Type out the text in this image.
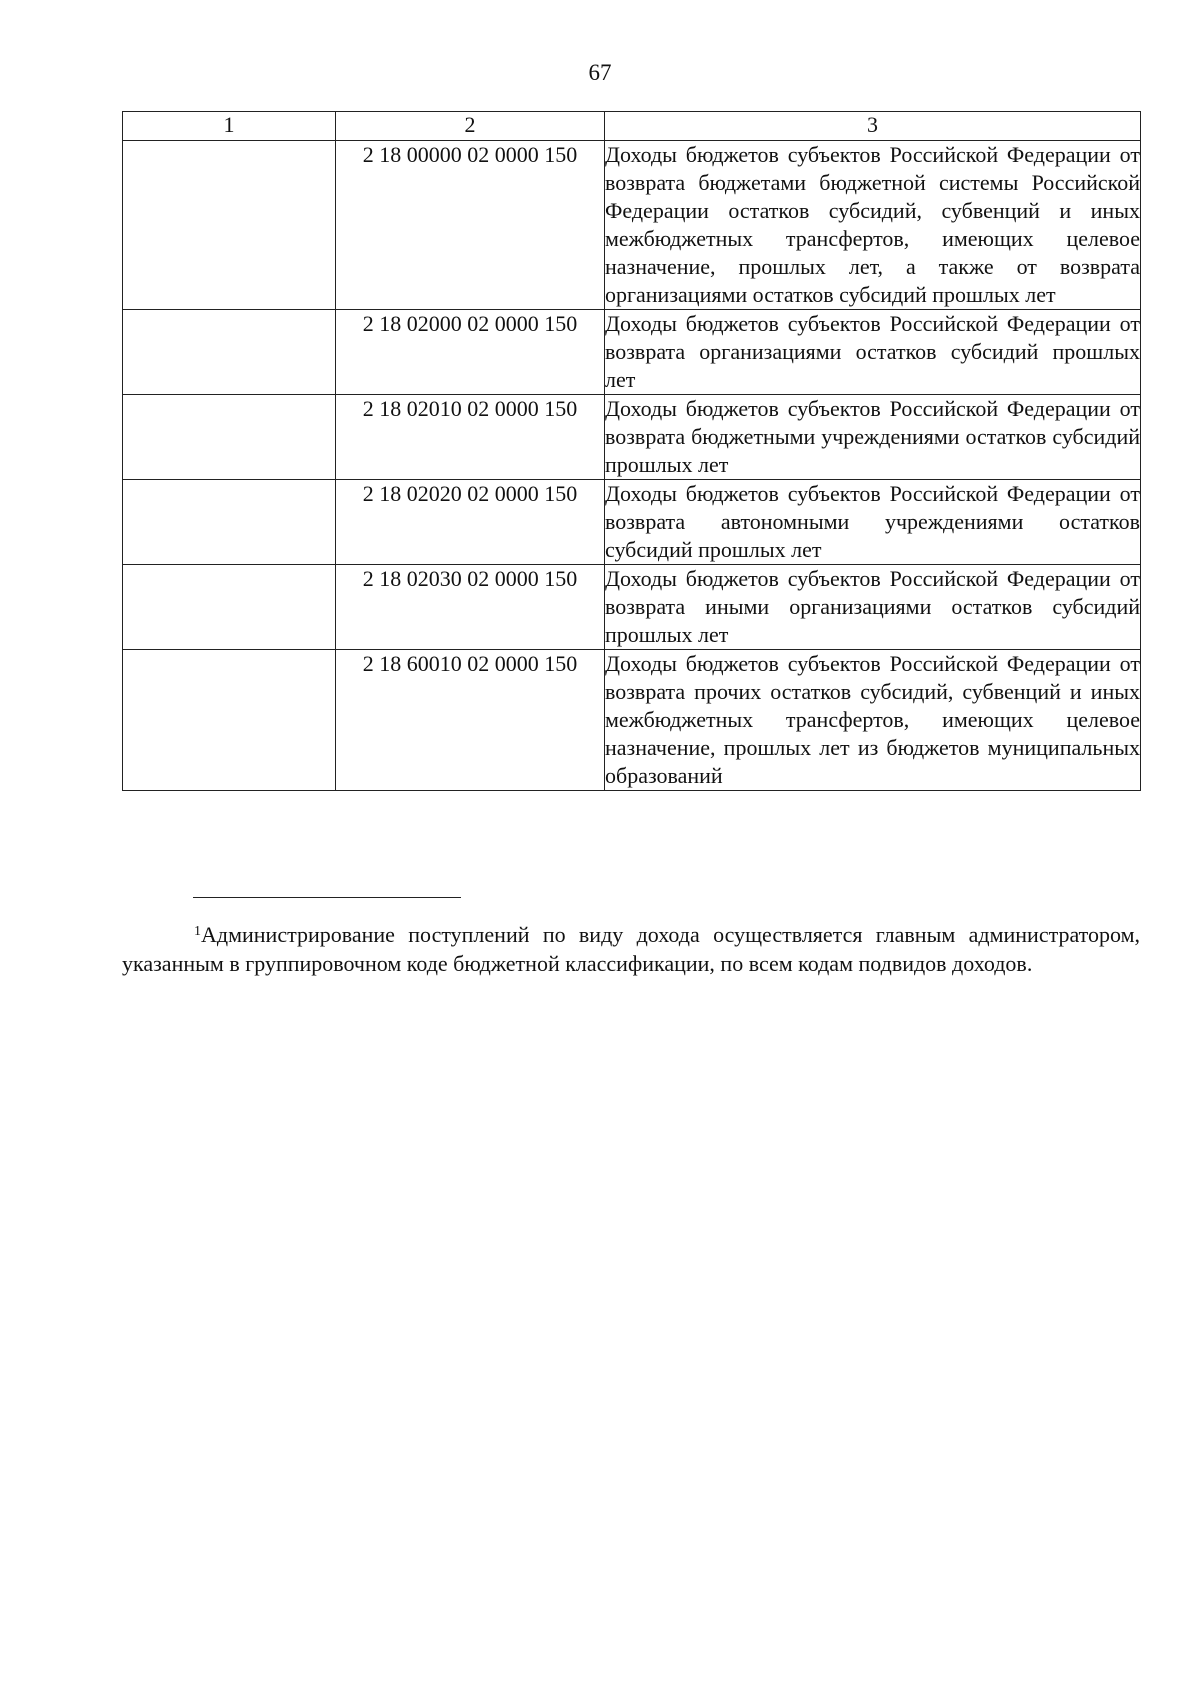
67
1	2	3
	2 18 00000 02 0000 150	Доходы бюджетов субъектов Российской Федерации от возврата бюджетами бюджетной системы Российской Федерации остатков субсидий, субвенций и иных межбюджетных трансфертов, имеющих целевое назначение, прошлых лет, а также от возврата организациями остатков субсидий прошлых лет
	2 18 02000 02 0000 150	Доходы бюджетов субъектов Российской Федерации от возврата организациями остатков субсидий прошлых лет
	2 18 02010 02 0000 150	Доходы бюджетов субъектов Российской Федерации от возврата бюджетными учреждениями остатков субсидий прошлых лет
	2 18 02020 02 0000 150	Доходы бюджетов субъектов Российской Федерации от возврата автономными учреждениями остатков субсидий прошлых лет
	2 18 02030 02 0000 150	Доходы бюджетов субъектов Российской Федерации от возврата иными организациями остатков субсидий прошлых лет
	2 18 60010 02 0000 150	Доходы бюджетов субъектов Российской Федерации от возврата прочих остатков субсидий, субвенций и иных межбюджетных трансфертов, имеющих целевое назначение, прошлых лет из бюджетов муниципальных образований

$^1$Администрирование поступлений по виду дохода осуществляется главным администратором, указанным в группировочном коде бюджетной классификации, по всем кодам подвидов доходов.
